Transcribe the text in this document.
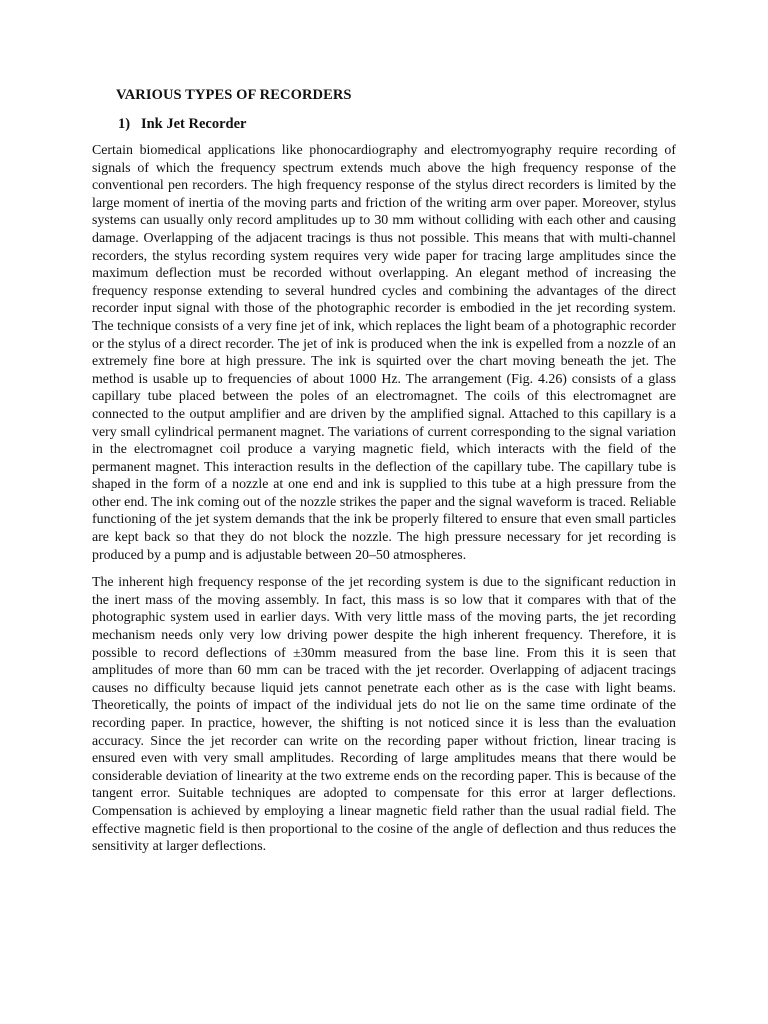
VARIOUS TYPES OF RECORDERS
1)   Ink Jet Recorder

Certain biomedical applications like phonocardiography and electromyography require recording of signals of which the frequency spectrum extends much above the high frequency response of the conventional pen recorders. The high frequency response of the stylus direct recorders is limited by the large moment of inertia of the moving parts and friction of the writing arm over paper. Moreover, stylus systems can usually only record amplitudes up to 30 mm without colliding with each other and causing damage. Overlapping of the adjacent tracings is thus not possible. This means that with multi-channel recorders, the stylus recording system requires very wide paper for tracing large amplitudes since the maximum deflection must be recorded without overlapping. An elegant method of increasing the frequency response extending to several hundred cycles and combining the advantages of the direct recorder input signal with those of the photographic recorder is embodied in the jet recording system. The technique consists of a very fine jet of ink, which replaces the light beam of a photographic recorder or the stylus of a direct recorder. The jet of ink is produced when the ink is expelled from a nozzle of an extremely fine bore at high pressure. The ink is squirted over the chart moving beneath the jet. The method is usable up to frequencies of about 1000 Hz. The arrangement (Fig. 4.26) consists of a glass capillary tube placed between the poles of an electromagnet. The coils of this electromagnet are connected to the output amplifier and are driven by the amplified signal. Attached to this capillary is a very small cylindrical permanent magnet. The variations of current corresponding to the signal variation in the electromagnet coil produce a varying magnetic field, which interacts with the field of the permanent magnet. This interaction results in the deflection of the capillary tube. The capillary tube is shaped in the form of a nozzle at one end and ink is supplied to this tube at a high pressure from the other end. The ink coming out of the nozzle strikes the paper and the signal waveform is traced. Reliable functioning of the jet system demands that the ink be properly filtered to ensure that even small particles are kept back so that they do not block the nozzle. The high pressure necessary for jet recording is produced by a pump and is adjustable between 20–50 atmospheres.

The inherent high frequency response of the jet recording system is due to the significant reduction in the inert mass of the moving assembly. In fact, this mass is so low that it compares with that of the photographic system used in earlier days. With very little mass of the moving parts, the jet recording mechanism needs only very low driving power despite the high inherent frequency. Therefore, it is possible to record deflections of ±30mm measured from the base line. From this it is seen that amplitudes of more than 60 mm can be traced with the jet recorder. Overlapping of adjacent tracings causes no difficulty because liquid jets cannot penetrate each other as is the case with light beams. Theoretically, the points of impact of the individual jets do not lie on the same time ordinate of the recording paper. In practice, however, the shifting is not noticed since it is less than the evaluation accuracy. Since the jet recorder can write on the recording paper without friction, linear tracing is ensured even with very small amplitudes. Recording of large amplitudes means that there would be considerable deviation of linearity at the two extreme ends on the recording paper. This is because of the tangent error. Suitable techniques are adopted to compensate for this error at larger deflections. Compensation is achieved by employing a linear magnetic field rather than the usual radial field. The effective magnetic field is then proportional to the cosine of the angle of deflection and thus reduces the sensitivity at larger deflections.
